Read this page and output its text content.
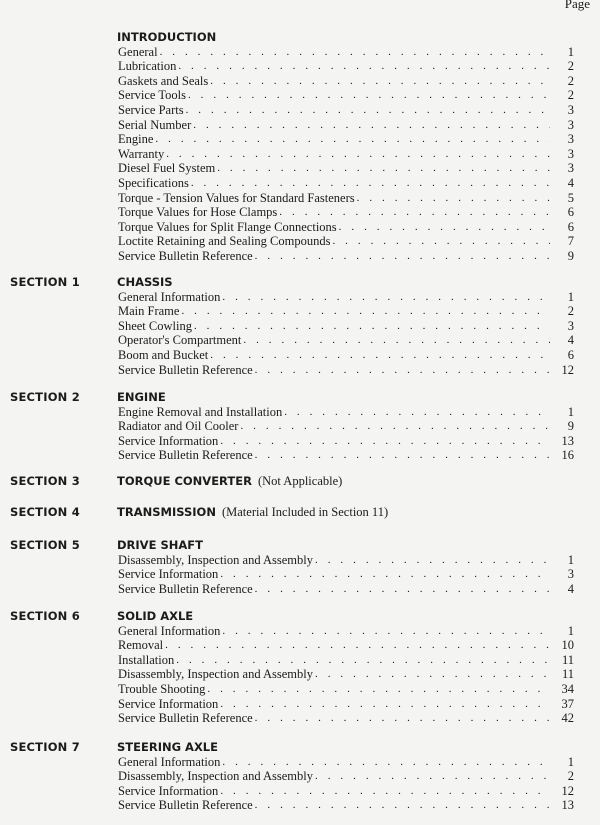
Page
INTRODUCTION
General . . .	1
Lubrication . . .	2
Gaskets and Seals . . .	2
Service Tools . . .	2
Service Parts . . .	3
Serial Number . . .	3
Engine . . .	3
Warranty . . .	3
Diesel Fuel System . . .	3
Specifications . . .	4
Torque - Tension Values for Standard Fasteners . . .	5
Torque Values for Hose Clamps . . .	6
Torque Values for Split Flange Connections . . .	6
Loctite Retaining and Sealing Compounds . . .	7
Service Bulletin Reference . . .	9
SECTION 1	CHASSIS
General Information . . .	1
Main Frame . . .	2
Sheet Cowling . . .	3
Operator's Compartment . . .	4
Boom and Bucket . . .	6
Service Bulletin Reference . . .	12
SECTION 2	ENGINE
Engine Removal and Installation . . .	1
Radiator and Oil Cooler . . .	9
Service Information . . .	13
Service Bulletin Reference . . .	16
SECTION 3	TORQUE CONVERTER (Not Applicable)
SECTION 4	TRANSMISSION (Material Included in Section 11)
SECTION 5	DRIVE SHAFT
Disassembly, Inspection and Assembly . . .	1
Service Information . . .	3
Service Bulletin Reference . . .	4
SECTION 6	SOLID AXLE
General Information . . .	1
Removal . . .	10
Installation . . .	11
Disassembly, Inspection and Assembly . . .	11
Trouble Shooting . . .	34
Service Information . . .	37
Service Bulletin Reference . . .	42
SECTION 7	STEERING AXLE
General Information . . .	1
Disassembly, Inspection and Assembly . . .	2
Service Information . . .	12
Service Bulletin Reference . . .	13
